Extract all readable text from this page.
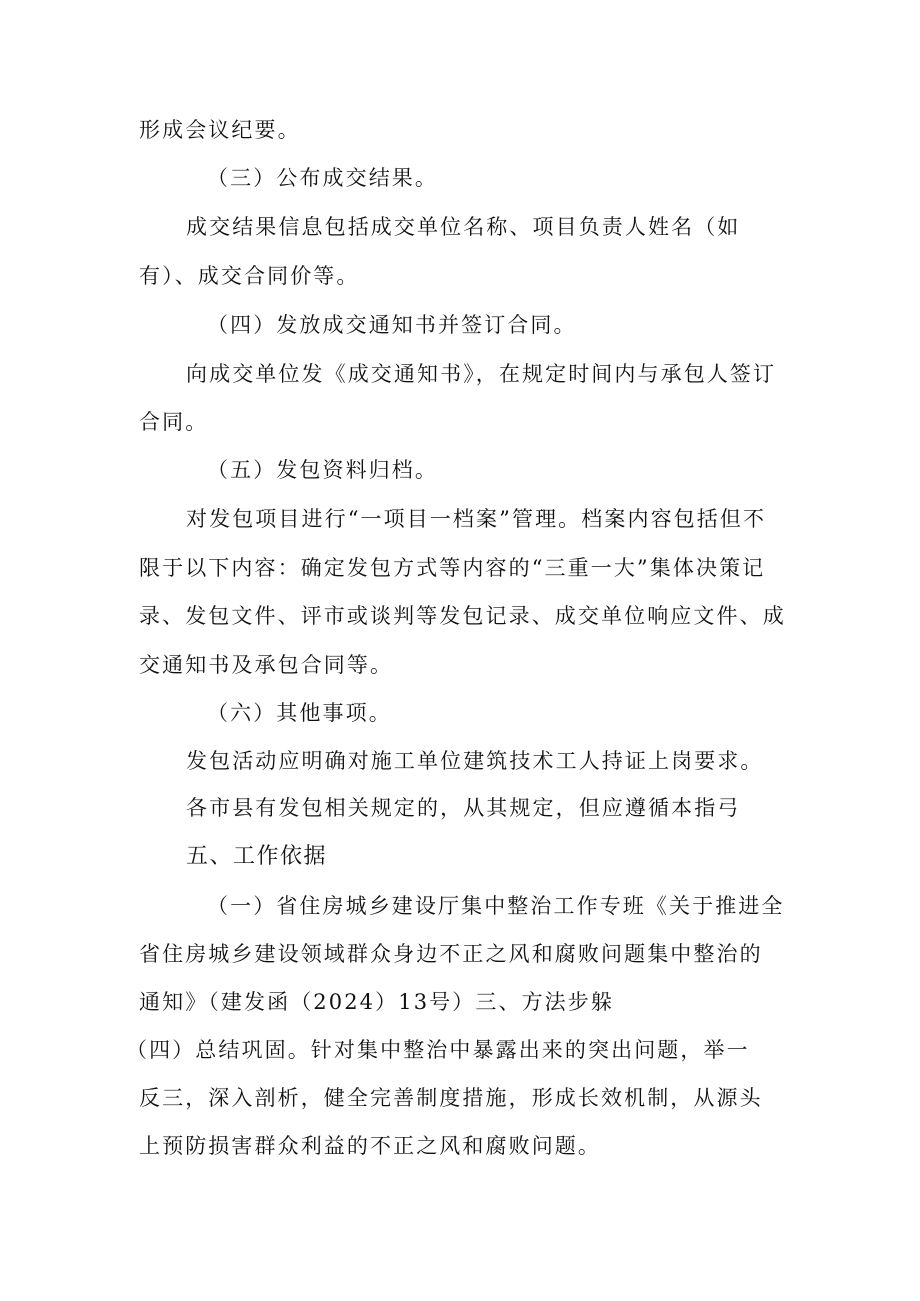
形成会议纪要。
（三）公布成交结果。
成交结果信息包括成交单位名称、项目负责人姓名（如
有）、成交合同价等。
（四）发放成交通知书并签订合同。
向成交单位发《成交通知书》，在规定时间内与承包人签订
合同。
（五）发包资料归档。
对发包项目进行“一项目一档案”管理。档案内容包括但不
限于以下内容：确定发包方式等内容的“三重一大”集体决策记
录、发包文件、评市或谈判等发包记录、成交单位响应文件、成
交通知书及承包合同等。
（六）其他事项。
发包活动应明确对施工单位建筑技术工人持证上岗要求。
各市县有发包相关规定的，从其规定，但应遵循本指弓
五、工作依据
（一）省住房城乡建设厅集中整治工作专班《关于推进全
省住房城乡建设领域群众身边不正之风和腐败问题集中整治的
通知》（建发函（2024）13号）三、方法步躲
（四）总结巩固。针对集中整治中暴露出来的突出问题，举一
反三，深入剖析，健全完善制度措施，形成长效机制，从源头
上预防损害群众利益的不正之风和腐败问题。
